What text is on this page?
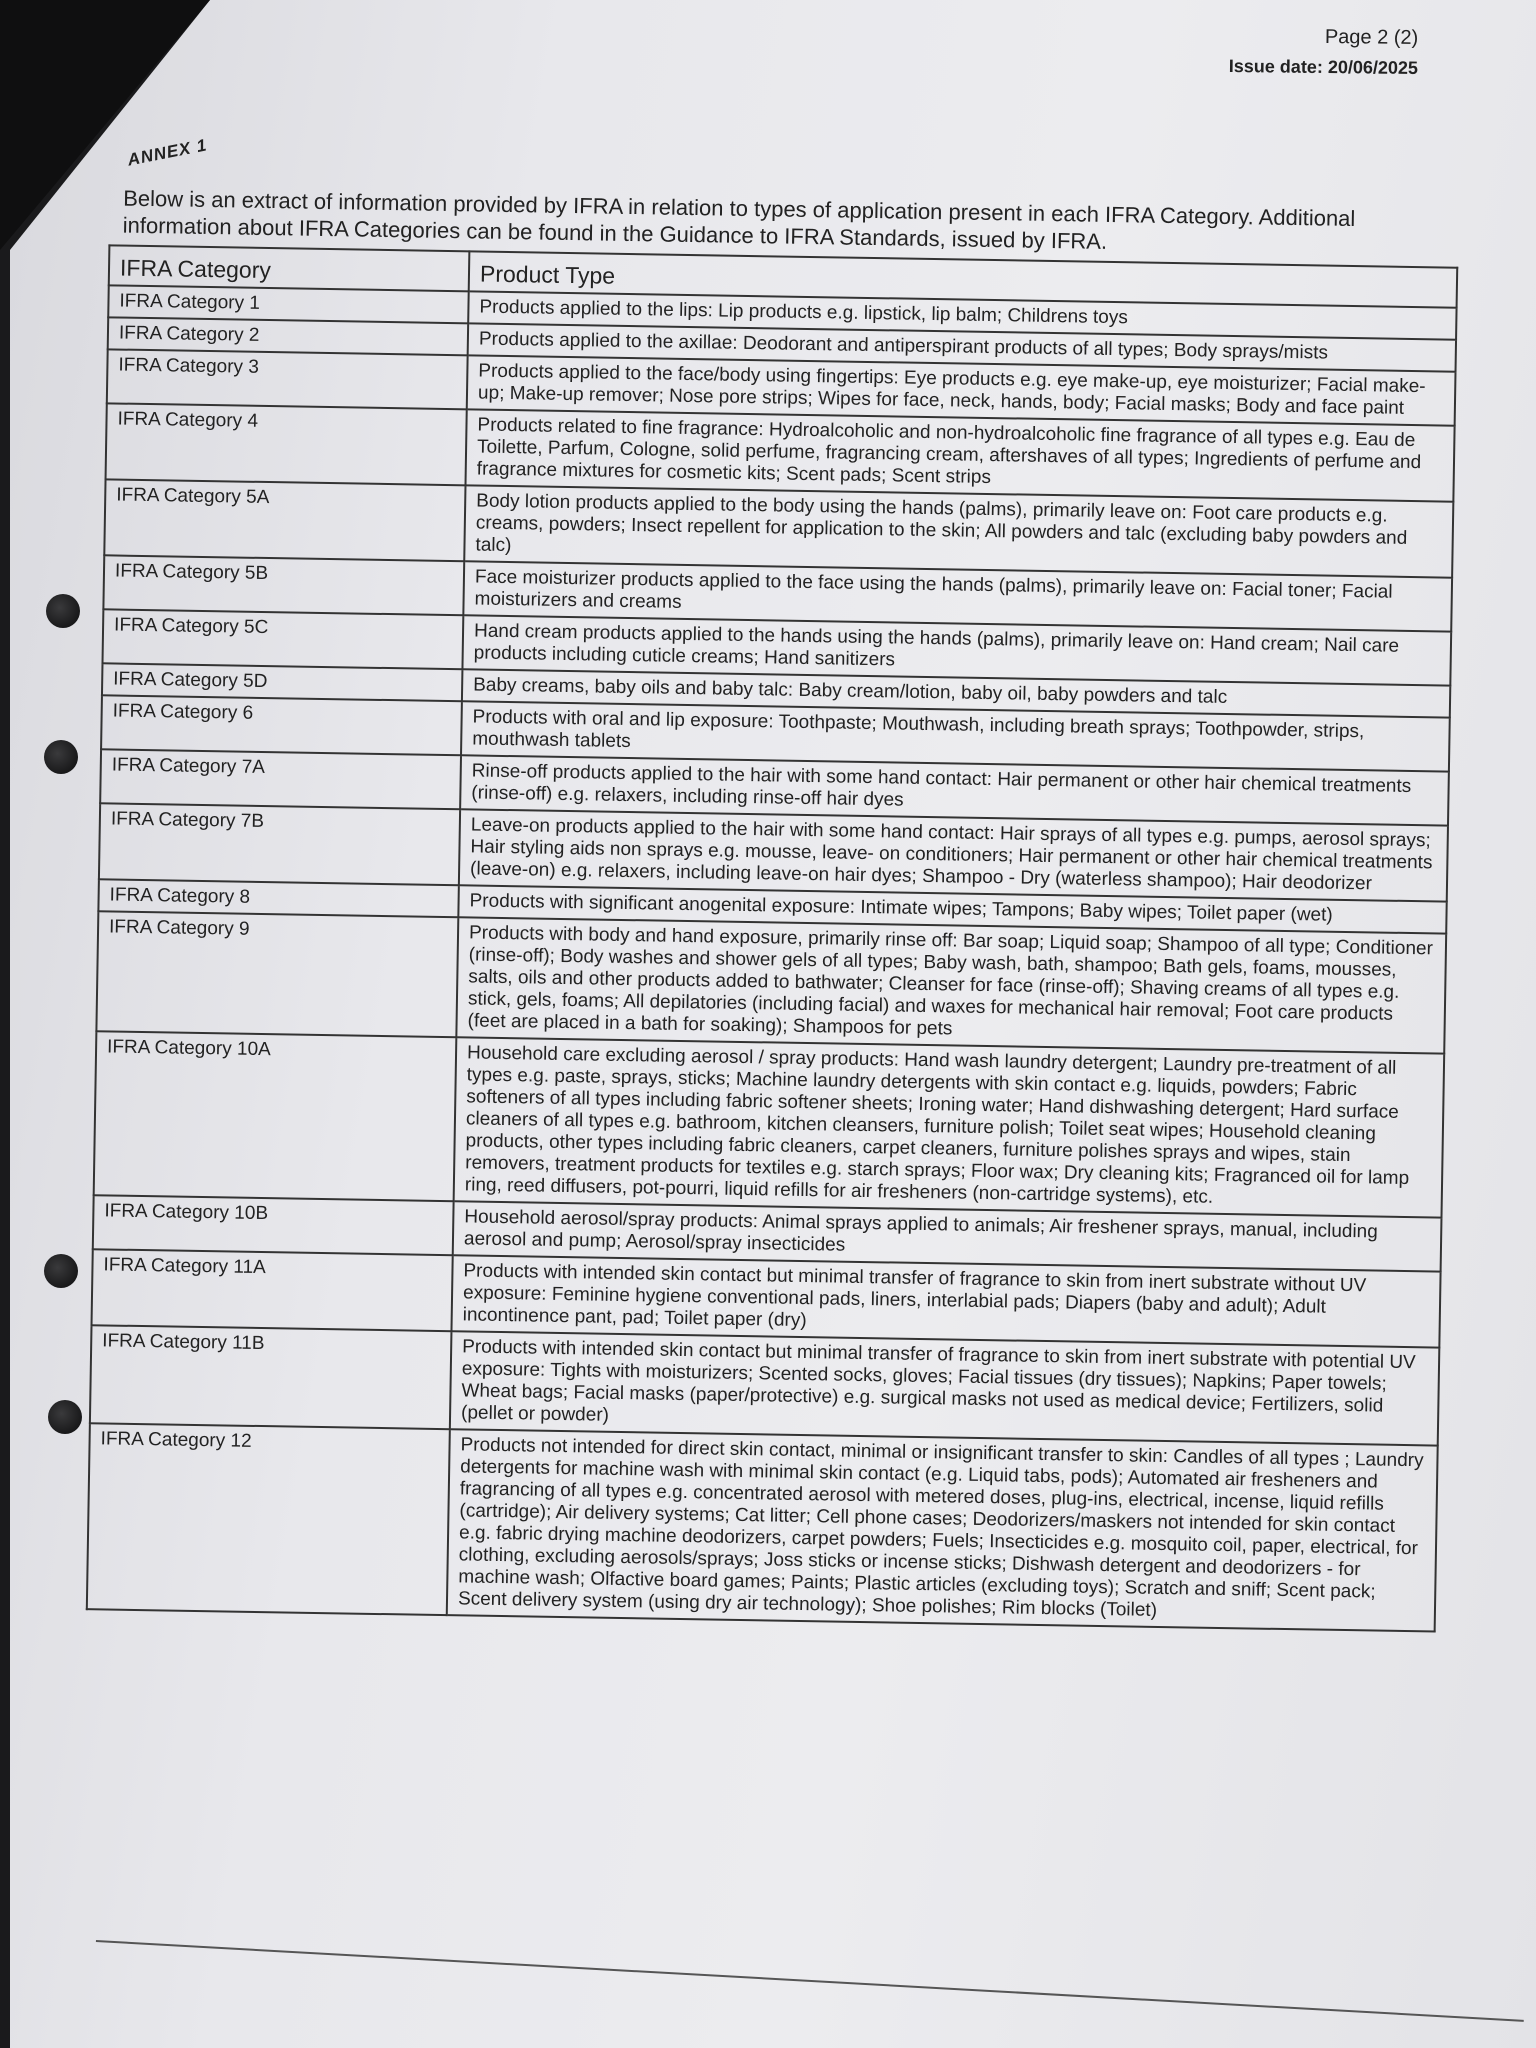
Page 2 (2)
Issue date: 20/06/2025
ANNEX 1
Below is an extract of information provided by IFRA in relation to types of application present in each IFRA Category. Additional information about IFRA Categories can be found in the Guidance to IFRA Standards, issued by IFRA.
IFRA Category	Product Type
IFRA Category 1	Products applied to the lips: Lip products e.g. lipstick, lip balm; Childrens toys
IFRA Category 2	Products applied to the axillae: Deodorant and antiperspirant products of all types; Body sprays/mists
IFRA Category 3	Products applied to the face/body using fingertips: Eye products e.g. eye make-up, eye moisturizer; Facial make-up; Make-up remover; Nose pore strips; Wipes for face, neck, hands, body; Facial masks; Body and face paint
IFRA Category 4	Products related to fine fragrance: Hydroalcoholic and non-hydroalcoholic fine fragrance of all types e.g. Eau de Toilette, Parfum, Cologne, solid perfume, fragrancing cream, aftershaves of all types; Ingredients of perfume and fragrance mixtures for cosmetic kits; Scent pads; Scent strips
IFRA Category 5A	Body lotion products applied to the body using the hands (palms), primarily leave on: Foot care products e.g. creams, powders; Insect repellent for application to the skin; All powders and talc (excluding baby powders and talc)
IFRA Category 5B	Face moisturizer products applied to the face using the hands (palms), primarily leave on: Facial toner; Facial moisturizers and creams
IFRA Category 5C	Hand cream products applied to the hands using the hands (palms), primarily leave on: Hand cream; Nail care products including cuticle creams; Hand sanitizers
IFRA Category 5D	Baby creams, baby oils and baby talc: Baby cream/lotion, baby oil, baby powders and talc
IFRA Category 6	Products with oral and lip exposure: Toothpaste; Mouthwash, including breath sprays; Toothpowder, strips, mouthwash tablets
IFRA Category 7A	Rinse-off products applied to the hair with some hand contact: Hair permanent or other hair chemical treatments (rinse-off) e.g. relaxers, including rinse-off hair dyes
IFRA Category 7B	Leave-on products applied to the hair with some hand contact: Hair sprays of all types e.g. pumps, aerosol sprays; Hair styling aids non sprays e.g. mousse, leave- on conditioners; Hair permanent or other hair chemical treatments (leave-on) e.g. relaxers, including leave-on hair dyes; Shampoo - Dry (waterless shampoo); Hair deodorizer
IFRA Category 8	Products with significant anogenital exposure: Intimate wipes; Tampons; Baby wipes; Toilet paper (wet)
IFRA Category 9	Products with body and hand exposure, primarily rinse off: Bar soap; Liquid soap; Shampoo of all type; Conditioner (rinse-off); Body washes and shower gels of all types; Baby wash, bath, shampoo; Bath gels, foams, mousses, salts, oils and other products added to bathwater; Cleanser for face (rinse-off); Shaving creams of all types e.g. stick, gels, foams; All depilatories (including facial) and waxes for mechanical hair removal; Foot care products (feet are placed in a bath for soaking); Shampoos for pets
IFRA Category 10A	Household care excluding aerosol / spray products: Hand wash laundry detergent; Laundry pre-treatment of all types e.g. paste, sprays, sticks; Machine laundry detergents with skin contact e.g. liquids, powders; Fabric softeners of all types including fabric softener sheets; Ironing water; Hand dishwashing detergent; Hard surface cleaners of all types e.g. bathroom, kitchen cleansers, furniture polish; Toilet seat wipes; Household cleaning products, other types including fabric cleaners, carpet cleaners, furniture polishes sprays and wipes, stain removers, treatment products for textiles e.g. starch sprays; Floor wax; Dry cleaning kits; Fragranced oil for lamp ring, reed diffusers, pot-pourri, liquid refills for air fresheners (non-cartridge systems), etc.
IFRA Category 10B	Household aerosol/spray products: Animal sprays applied to animals; Air freshener sprays, manual, including aerosol and pump; Aerosol/spray insecticides
IFRA Category 11A	Products with intended skin contact but minimal transfer of fragrance to skin from inert substrate without UV exposure: Feminine hygiene conventional pads, liners, interlabial pads; Diapers (baby and adult); Adult incontinence pant, pad; Toilet paper (dry)
IFRA Category 11B	Products with intended skin contact but minimal transfer of fragrance to skin from inert substrate with potential UV exposure: Tights with moisturizers; Scented socks, gloves; Facial tissues (dry tissues); Napkins; Paper towels; Wheat bags; Facial masks (paper/protective) e.g. surgical masks not used as medical device; Fertilizers, solid (pellet or powder)
IFRA Category 12	Products not intended for direct skin contact, minimal or insignificant transfer to skin: Candles of all types ; Laundry detergents for machine wash with minimal skin contact (e.g. Liquid tabs, pods); Automated air fresheners and fragrancing of all types e.g. concentrated aerosol with metered doses, plug-ins, electrical, incense, liquid refills (cartridge); Air delivery systems; Cat litter; Cell phone cases; Deodorizers/maskers not intended for skin contact e.g. fabric drying machine deodorizers, carpet powders; Fuels; Insecticides e.g. mosquito coil, paper, electrical, for clothing, excluding aerosols/sprays; Joss sticks or incense sticks; Dishwash detergent and deodorizers - for machine wash; Olfactive board games; Paints; Plastic articles (excluding toys); Scratch and sniff; Scent pack; Scent delivery system (using dry air technology); Shoe polishes; Rim blocks (Toilet)
